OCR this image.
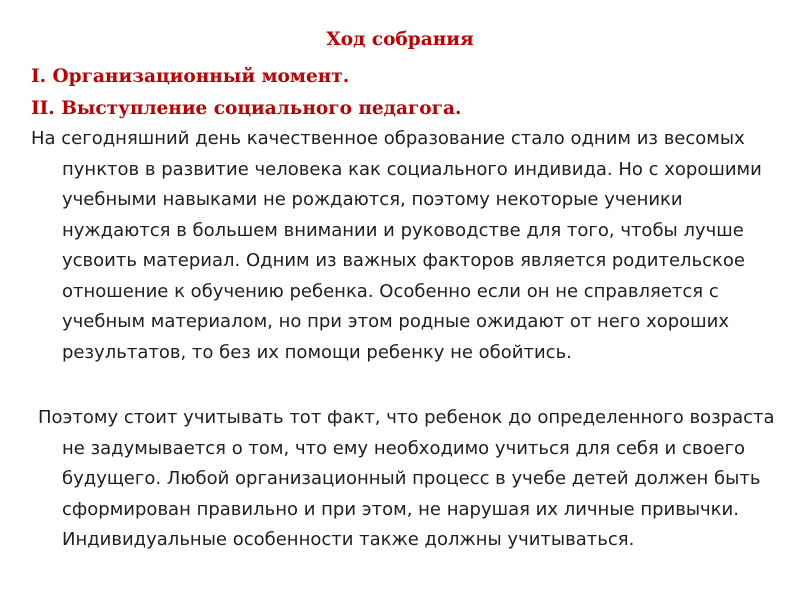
Ход собрания

I. Организационный момент.

II. Выступление социального педагога.

На сегодняшний день качественное образование стало одним из весомых пунктов в развитие человека как социального индивида. Но с хорошими учебными навыками не рождаются, поэтому некоторые ученики нуждаются в большем внимании и руководстве для того, чтобы лучше усвоить материал. Одним из важных факторов является родительское отношение к обучению ребенка. Особенно если он не справляется с учебным материалом, но при этом родные ожидают от него хороших результатов, то без их помощи ребенку не обойтись.

Поэтому стоит учитывать тот факт, что ребенок до определенного возраста не задумывается о том, что ему необходимо учиться для себя и своего будущего. Любой организационный процесс в учебе детей должен быть сформирован правильно и при этом, не нарушая их личные привычки. Индивидуальные особенности также должны учитываться.
